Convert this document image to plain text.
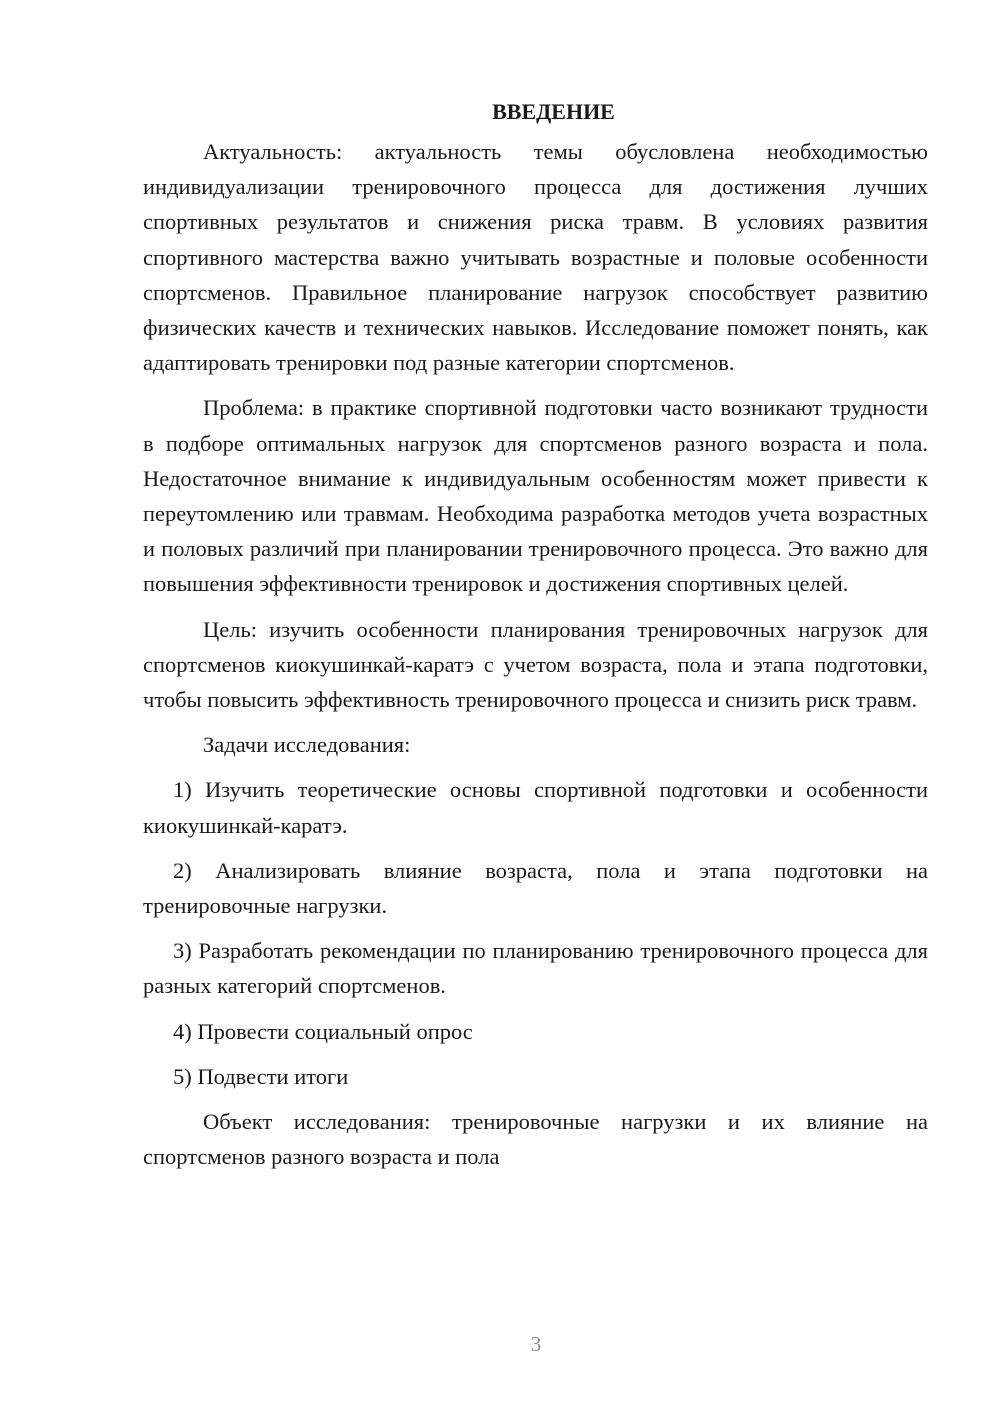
ВВЕДЕНИЕ

Актуальность: актуальность темы обусловлена необходимостью индивидуализации тренировочного процесса для достижения лучших спортивных результатов и снижения риска травм. В условиях развития спортивного мастерства важно учитывать возрастные и половые особенности спортсменов. Правильное планирование нагрузок способствует развитию физических качеств и технических навыков. Исследование поможет понять, как адаптировать тренировки под разные категории спортсменов.

Проблема: в практике спортивной подготовки часто возникают трудности в подборе оптимальных нагрузок для спортсменов разного возраста и пола. Недостаточное внимание к индивидуальным особенностям может привести к переутомлению или травмам. Необходима разработка методов учета возрастных и половых различий при планировании тренировочного процесса. Это важно для повышения эффективности тренировок и достижения спортивных целей.

Цель: изучить особенности планирования тренировочных нагрузок для спортсменов киокушинкай-каратэ с учетом возраста, пола и этапа подготовки, чтобы повысить эффективность тренировочного процесса и снизить риск травм.

Задачи исследования:

1) Изучить теоретические основы спортивной подготовки и особенности киокушинкай-каратэ.

2) Анализировать влияние возраста, пола и этапа подготовки на тренировочные нагрузки.

3) Разработать рекомендации по планированию тренировочного процесса для разных категорий спортсменов.

4) Провести социальный опрос

5) Подвести итоги

Объект исследования: тренировочные нагрузки и их влияние на спортсменов разного возраста и пола

3
